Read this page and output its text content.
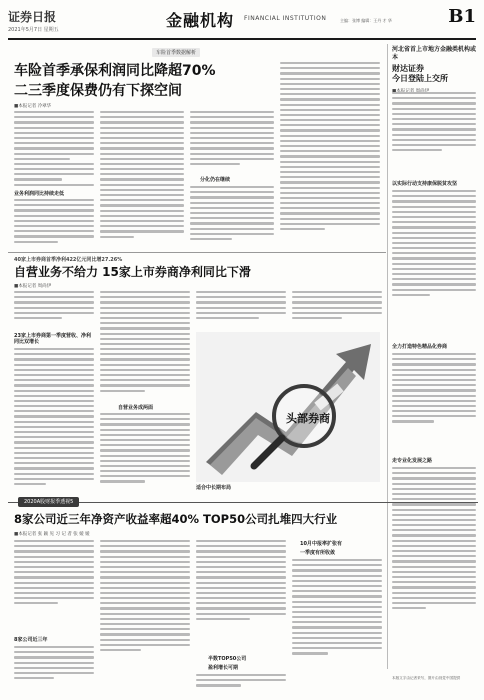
证券日报
2021年5月7日 星期五	金融机构 FINANCIAL INSTITUTION	主编：张博 编辑：王丹 才 华	B1
车险首季数据解析
车险首季承保利润同比降超70%
二三季度保费仍有下探空间
■本报记者 冷翠华
业务利润同比持续走低
分化仍在继续
40家上市券商首季净利422亿元同比增27.26%
自营业务不给力 15家上市券商净利同比下滑
■本报记者 周尚伊
23家上市券商第一季度营收、净利同比双增长
自营业务成两面
头部券商
适合中长期布局
河北省首上市地方金融类机构或本
财达证券
今日登陆上交所
以实际行动支持康保脱贫攻坚
全力打造特色精品化券商
走专业化发展之路
本版文字由记者采写，图片由视觉中国提供
2020A股财报季透视5
8家公司近三年净资产收益率超40% TOP50公司扎堆四大行业
■本报记者 张 颖 见 习 记 者 张 媛 媛
8家公司近三年
半数TOP50公司
盈利增长可期
10月中报率扩张有
一季度有所收敛
